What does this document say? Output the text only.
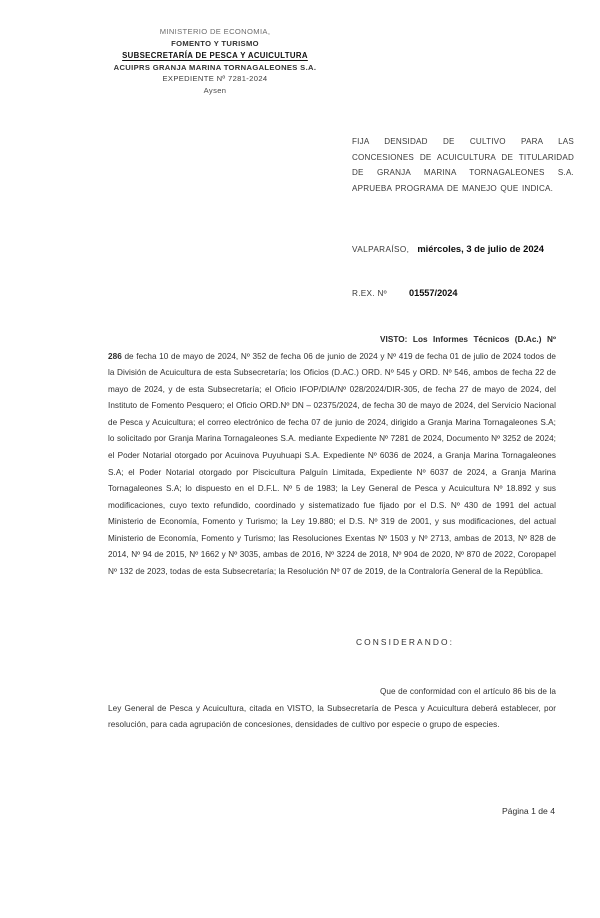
MINISTERIO DE ECONOMIA,
FOMENTO Y TURISMO
SUBSECRETARÍA DE PESCA Y ACUICULTURA
ACUIPRS GRANJA MARINA TORNAGALEONES S.A.
EXPEDIENTE Nº 7281-2024
Aysen
FIJA DENSIDAD DE CULTIVO PARA LAS CONCESIONES DE ACUICULTURA DE TITULARIDAD DE GRANJA MARINA TORNAGALEONES S.A. APRUEBA PROGRAMA DE MANEJO QUE INDICA.
VALPARAÍSO, miércoles, 3 de julio de 2024
R.EX. Nº 01557/2024

VISTO: Los Informes Técnicos (D.Ac.) Nº 286 de fecha 10 de mayo de 2024, Nº 352 de fecha 06 de junio de 2024 y Nº 419 de fecha 01 de julio de 2024 todos de la División de Acuicultura de esta Subsecretaría; los Oficios (D.AC.) ORD. Nº 545 y ORD. Nº 546, ambos de fecha 22 de mayo de 2024, y de esta Subsecretaría; el Oficio IFOP/DIA/Nº 028/2024/DIR-305, de fecha 27 de mayo de 2024, del Instituto de Fomento Pesquero; el Oficio ORD.Nº DN – 02375/2024, de fecha 30 de mayo de 2024, del Servicio Nacional de Pesca y Acuicultura; el correo electrónico de fecha 07 de junio de 2024, dirigido a Granja Marina Tornagaleones S.A; lo solicitado por Granja Marina Tornagaleones S.A. mediante Expediente Nº 7281 de 2024, Documento Nº 3252 de 2024; el Poder Notarial otorgado por Acuinova Puyuhuapi S.A. Expediente Nº 6036 de 2024, a Granja Marina Tornagaleones S.A; el Poder Notarial otorgado por Piscicultura Palguín Limitada, Expediente Nº 6037 de 2024, a Granja Marina Tornagaleones S.A; lo dispuesto en el D.F.L. Nº 5 de 1983; la Ley General de Pesca y Acuicultura Nº 18.892 y sus modificaciones, cuyo texto refundido, coordinado y sistematizado fue fijado por el D.S. Nº 430 de 1991 del actual Ministerio de Economía, Fomento y Turismo; la Ley 19.880; el D.S. Nº 319 de 2001, y sus modificaciones, del actual Ministerio de Economía, Fomento y Turismo; las Resoluciones Exentas Nº 1503 y Nº 2713, ambas de 2013, Nº 828 de 2014, Nº 94 de 2015, Nº 1662 y Nº 3035, ambas de 2016, Nº 3224 de 2018, Nº 904 de 2020, Nº 870 de 2022, Coropapel Nº 132 de 2023, todas de esta Subsecretaría; la Resolución Nº 07 de 2019, de la Contraloría General de la República.

CONSIDERANDO:

Que de conformidad con el artículo 86 bis de la Ley General de Pesca y Acuicultura, citada en VISTO, la Subsecretaría de Pesca y Acuicultura deberá establecer, por resolución, para cada agrupación de concesiones, densidades de cultivo por especie o grupo de especies.

Página 1 de 4
